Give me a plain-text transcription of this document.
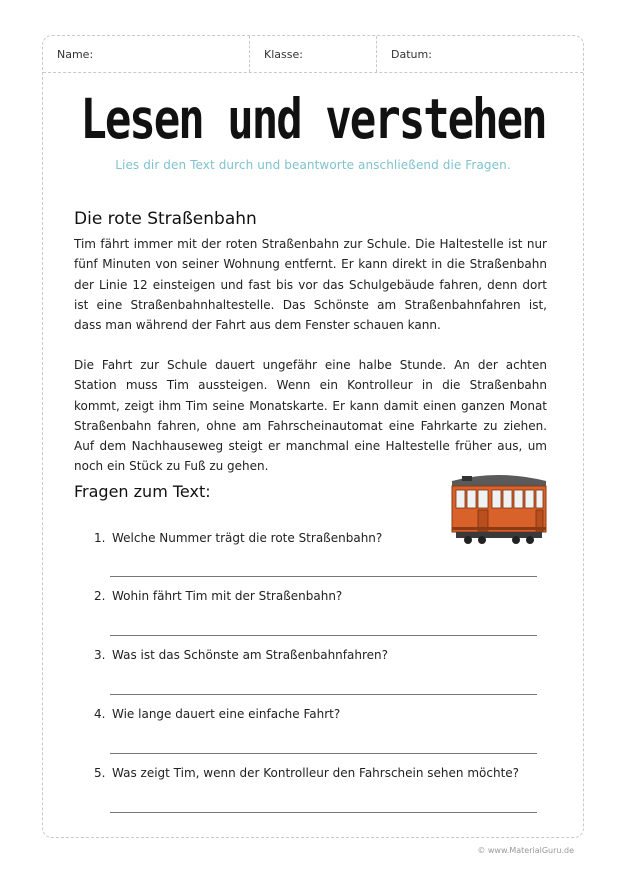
Name:	Klasse:	Datum:
Lesen und verstehen
Lies dir den Text durch und beantworte anschließend die Fragen.
Die rote Straßenbahn
Tim fährt immer mit der roten Straßenbahn zur Schule. Die Haltestelle ist nur fünf Minuten von seiner Wohnung entfernt. Er kann direkt in die Straßenbahn der Linie 12 einsteigen und fast bis vor das Schulgebäude fahren, denn dort ist eine Straßenbahnhaltestelle. Das Schönste am Straßenbahnfahren ist, dass man während der Fahrt aus dem Fenster schauen kann.
Die Fahrt zur Schule dauert ungefähr eine halbe Stunde. An der achten Station muss Tim aussteigen. Wenn ein Kontrolleur in die Straßenbahn kommt, zeigt ihm Tim seine Monatskarte. Er kann damit einen ganzen Monat Straßenbahn fahren, ohne am Fahrscheinautomat eine Fahrkarte zu ziehen. Auf dem Nachhauseweg steigt er manchmal eine Haltestelle früher aus, um noch ein Stück zu Fuß zu gehen.
Fragen zum Text:
1. Welche Nummer trägt die rote Straßenbahn?
2. Wohin fährt Tim mit der Straßenbahn?
3. Was ist das Schönste am Straßenbahnfahren?
4. Wie lange dauert eine einfache Fahrt?
5. Was zeigt Tim, wenn der Kontrolleur den Fahrschein sehen möchte?
© www.MaterialGuru.de
